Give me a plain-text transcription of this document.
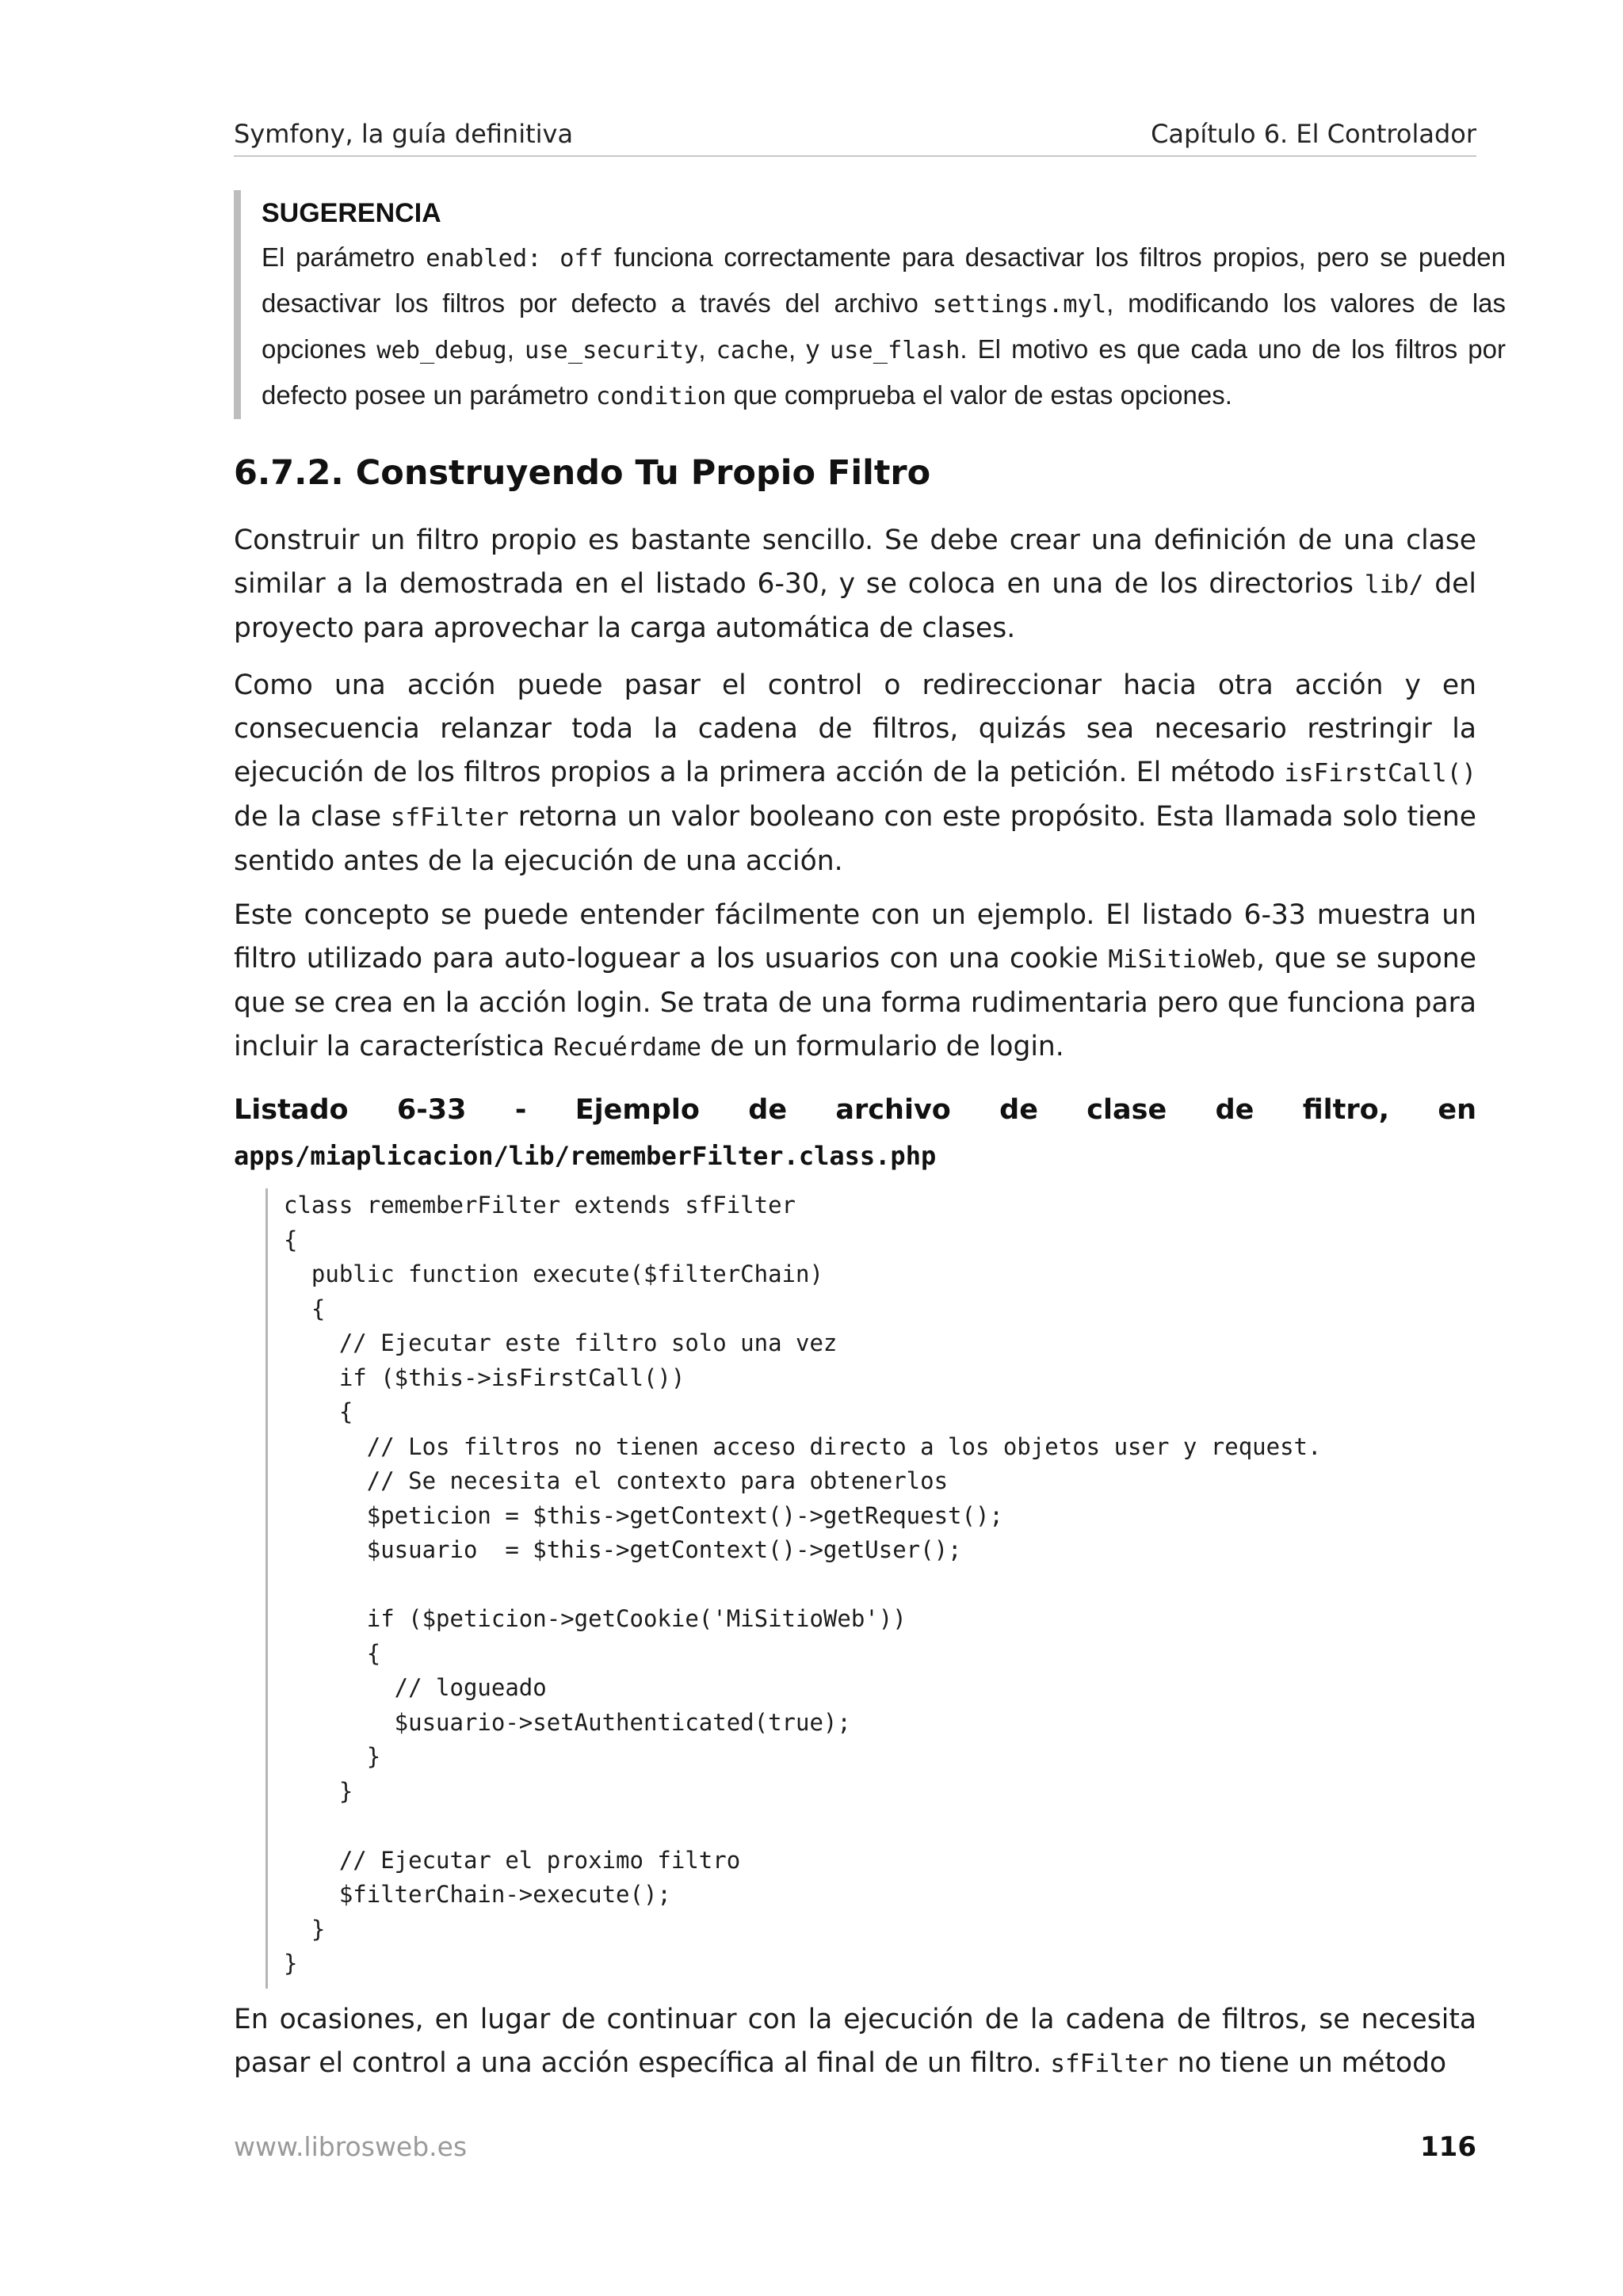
Symfony, la guía definitiva	Capítulo 6. El Controlador
SUGERENCIA
El parámetro enabled: off funciona correctamente para desactivar los filtros propios, pero se pueden desactivar los filtros por defecto a través del archivo settings.myl, modificando los valores de las opciones web_debug, use_security, cache, y use_flash. El motivo es que cada uno de los filtros por defecto posee un parámetro condition que comprueba el valor de estas opciones.
6.7.2. Construyendo Tu Propio Filtro

Construir un filtro propio es bastante sencillo. Se debe crear una definición de una clase similar a la demostrada en el listado 6-30, y se coloca en una de los directorios lib/ del proyecto para aprovechar la carga automática de clases.

Como una acción puede pasar el control o redireccionar hacia otra acción y en consecuencia relanzar toda la cadena de filtros, quizás sea necesario restringir la ejecución de los filtros propios a la primera acción de la petición. El método isFirstCall() de la clase sfFilter retorna un valor booleano con este propósito. Esta llamada solo tiene sentido antes de la ejecución de una acción.

Este concepto se puede entender fácilmente con un ejemplo. El listado 6-33 muestra un filtro utilizado para auto-loguear a los usuarios con una cookie MiSitioWeb, que se supone que se crea en la acción login. Se trata de una forma rudimentaria pero que funciona para incluir la característica Recuérdame de un formulario de login.

Listado 6-33 - Ejemplo de archivo de clase de filtro, en apps/miaplicacion/lib/rememberFilter.class.php
class rememberFilter extends sfFilter
{
public function execute($filterChain)
{
// Ejecutar este filtro solo una vez
if ($this->isFirstCall())
{
// Los filtros no tienen acceso directo a los objetos user y request.
// Se necesita el contexto para obtenerlos
$peticion = $this->getContext()->getRequest();
$usuario  = $this->getContext()->getUser();

if ($peticion->getCookie('MiSitioWeb'))
{
// logueado
$usuario->setAuthenticated(true);
}
}

// Ejecutar el proximo filtro
$filterChain->execute();
}
}

En ocasiones, en lugar de continuar con la ejecución de la cadena de filtros, se necesita pasar el control a una acción específica al final de un filtro. sfFilter no tiene un método

www.librosweb.es	116
